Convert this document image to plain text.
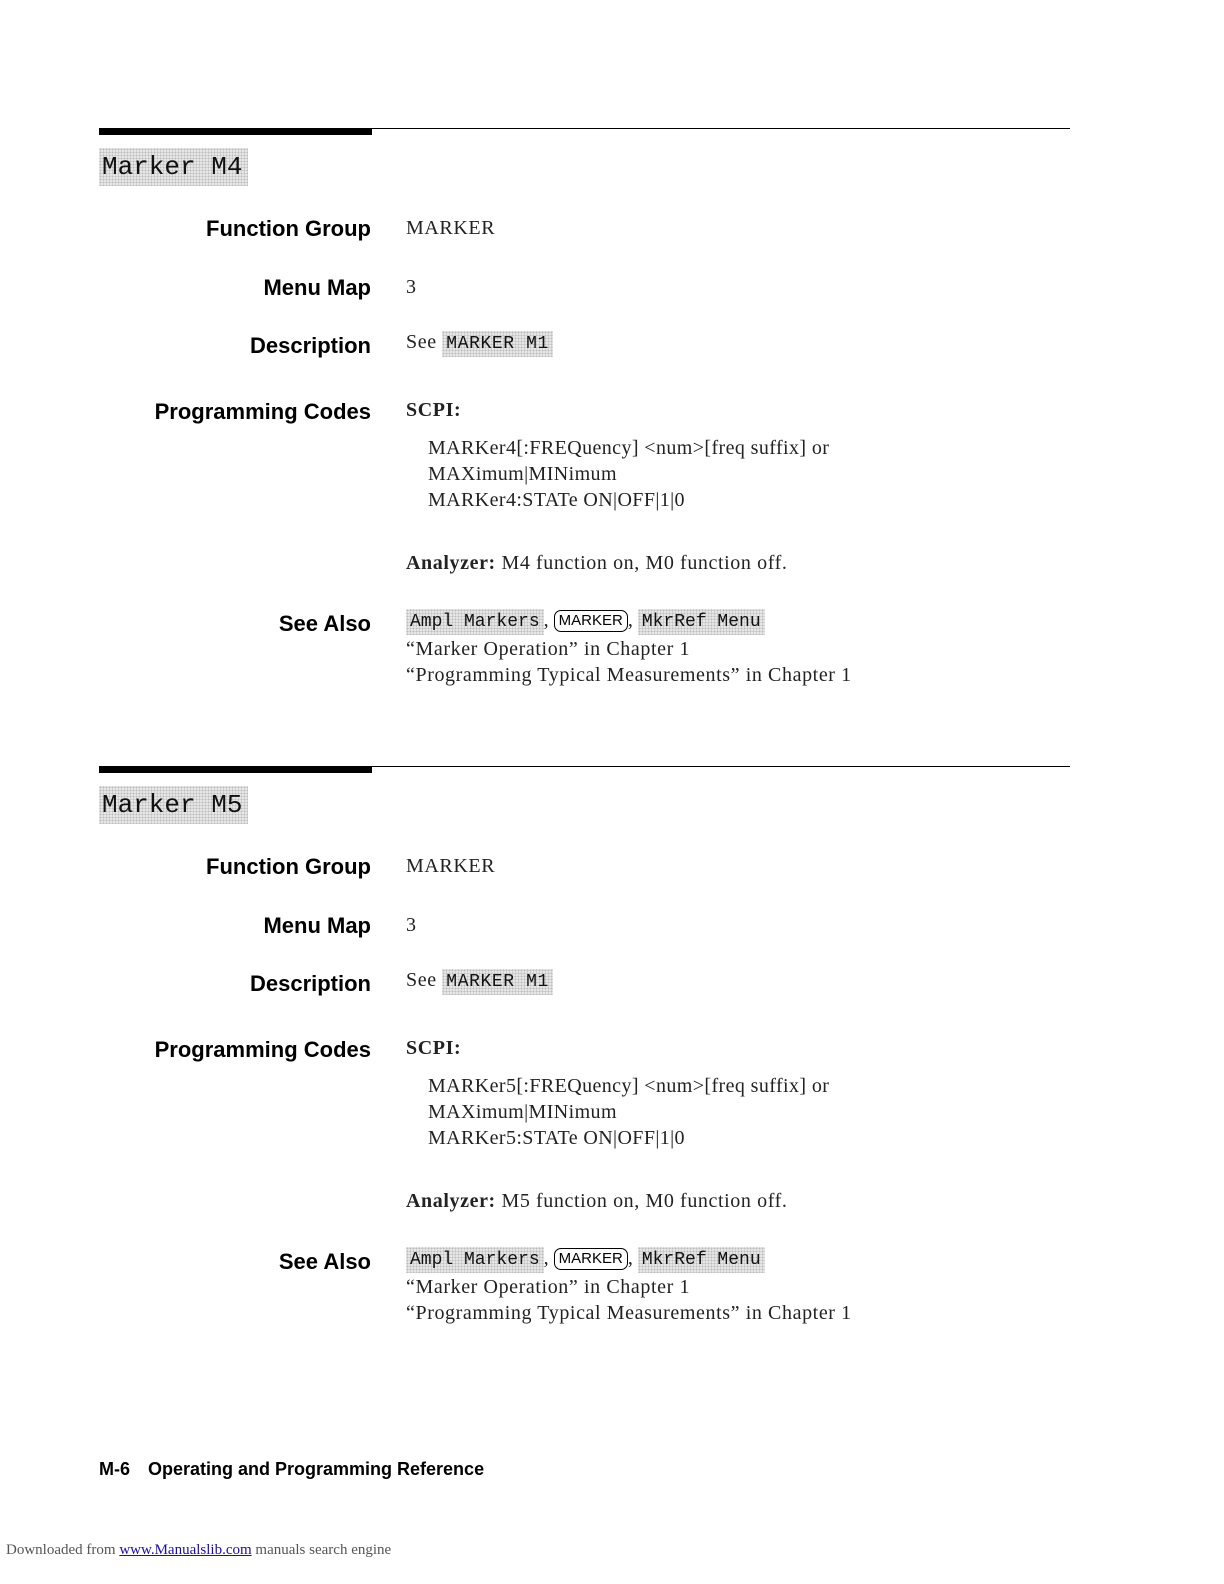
Marker M4
Function Group MARKER
Menu Map 3
Description See MARKER M1
Programming Codes SCPI:
MARKer4[:FREQuency] <num>[freq suffix] or
MAXimum|MINimum
MARKer4:STATe ON|OFF|1|0
Analyzer: M4 function on, M0 function off.
See Also Ampl Markers , MARKER , MkrRef Menu
“Marker Operation” in Chapter 1
“Programming Typical Measurements” in Chapter 1
Marker M5
Function Group MARKER
Menu Map 3
Description See MARKER M1
Programming Codes SCPI:
MARKer5[:FREQuency] <num>[freq suffix] or
MAXimum|MINimum
MARKer5:STATe ON|OFF|1|0
Analyzer: M5 function on, M0 function off.
See Also Ampl Markers , MARKER , MkrRef Menu
“Marker Operation” in Chapter 1
“Programming Typical Measurements” in Chapter 1
M-6 Operating and Programming Reference
Downloaded from www.Manualslib.com manuals search engine
